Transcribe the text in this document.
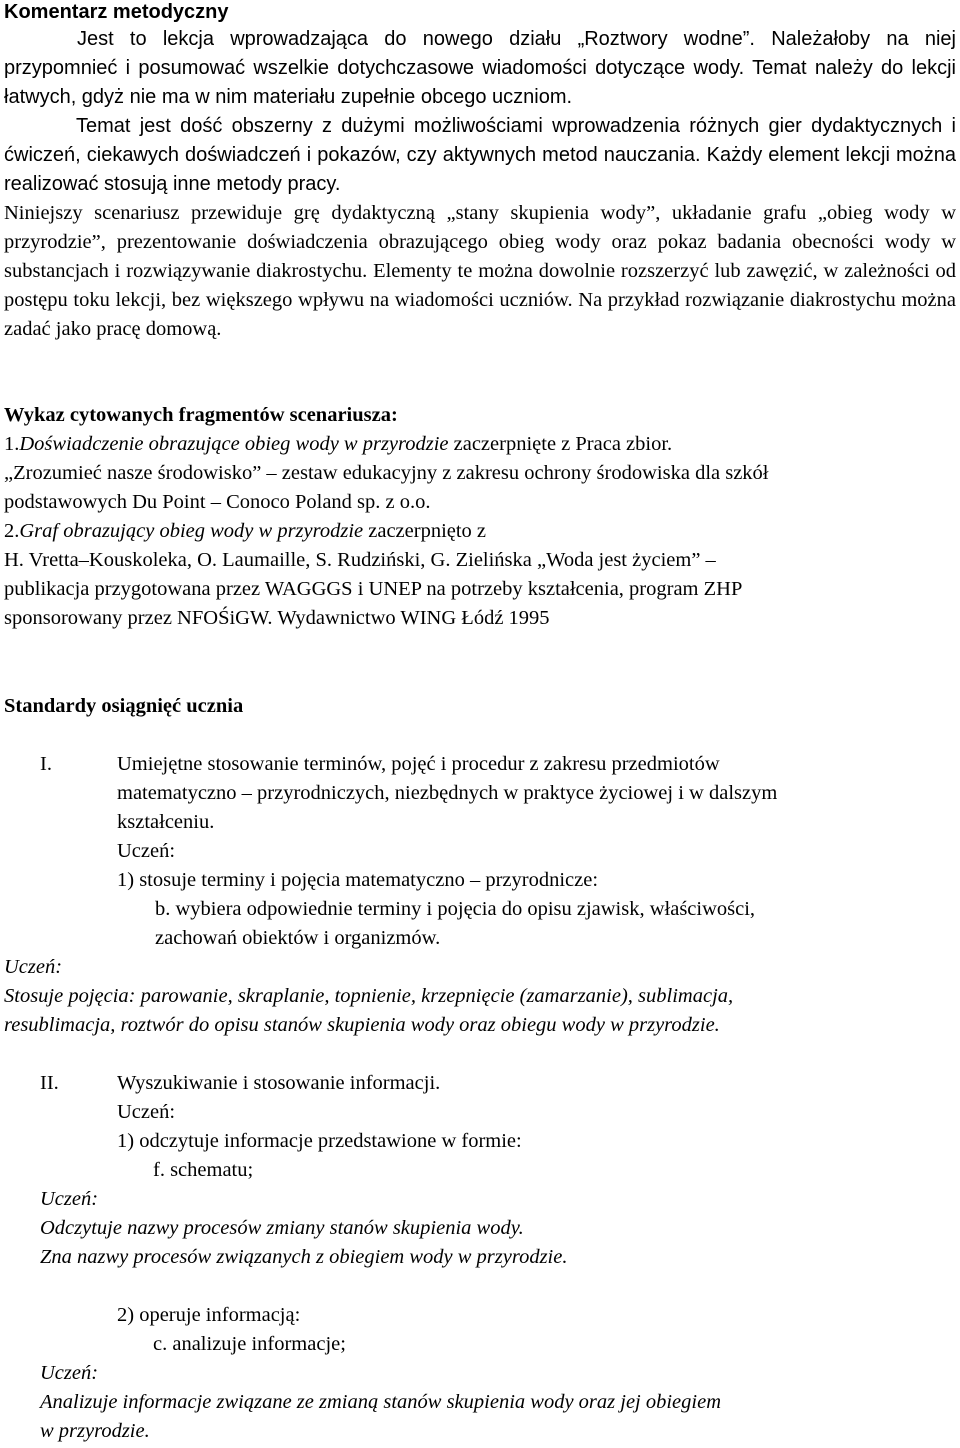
Komentarz metodyczny

Jest to lekcja wprowadzająca do nowego działu „Roztwory wodne”. Należałoby na niej przypomnieć i posumować wszelkie dotychczasowe wiadomości dotyczące wody. Temat należy do lekcji łatwych, gdyż nie ma w nim materiału zupełnie obcego uczniom.

Temat jest dość obszerny z dużymi możliwościami wprowadzenia różnych gier dydaktycznych i ćwiczeń, ciekawych doświadczeń i pokazów, czy aktywnych metod nauczania. Każdy element lekcji można realizować stosują inne metody pracy.

Niniejszy scenariusz przewiduje grę dydaktyczną „stany skupienia wody”, układanie grafu „obieg wody w przyrodzie”, prezentowanie doświadczenia obrazującego obieg wody oraz pokaz badania obecności wody w substancjach i rozwiązywanie diakrostychu. Elementy te można dowolnie rozszerzyć lub zawęzić, w zależności od postępu toku lekcji, bez większego wpływu na wiadomości uczniów. Na przykład rozwiązanie diakrostychu można zadać jako pracę domową.

Wykaz cytowanych fragmentów scenariusza:
1.Doświadczenie obrazujące obieg wody w przyrodzie zaczerpnięte z Praca zbior.
„Zrozumieć nasze środowisko” – zestaw edukacyjny z zakresu ochrony środowiska dla szkół
podstawowych Du Point – Conoco Poland sp. z o.o.
2.Graf obrazujący obieg wody w przyrodzie zaczerpnięto z
H. Vretta–Kouskoleka, O. Laumaille, S. Rudziński, G. Zielińska „Woda jest życiem” –
publikacja przygotowana przez WAGGGS i UNEP na potrzeby kształcenia, program ZHP
sponsorowany przez NFOŚiGW. Wydawnictwo WING Łódź 1995
Standardy osiągnięć ucznia
I.	Umiejętne stosowanie terminów, pojęć i procedur z zakresu przedmiotów
matematyczno – przyrodniczych, niezbędnych w praktyce życiowej i w dalszym
kształceniu.
Uczeń:
1) stosuje terminy i pojęcia matematyczno – przyrodnicze:
b. wybiera odpowiednie terminy i pojęcia do opisu zjawisk, właściwości,
zachowań obiektów i organizmów.
Uczeń:
Stosuje pojęcia: parowanie, skraplanie, topnienie, krzepnięcie (zamarzanie), sublimacja,
resublimacja, roztwór do opisu stanów skupienia wody oraz obiegu wody w przyrodzie.
II.	Wyszukiwanie i stosowanie informacji.
Uczeń:
1) odczytuje informacje przedstawione w formie:
f. schematu;
Uczeń:
Odczytuje nazwy procesów zmiany stanów skupienia wody.
Zna nazwy procesów związanych z obiegiem wody w przyrodzie.
2) operuje informacją:
c. analizuje informacje;
Uczeń:
Analizuje informacje związane ze zmianą stanów skupienia wody oraz jej obiegiem
w przyrodzie.
